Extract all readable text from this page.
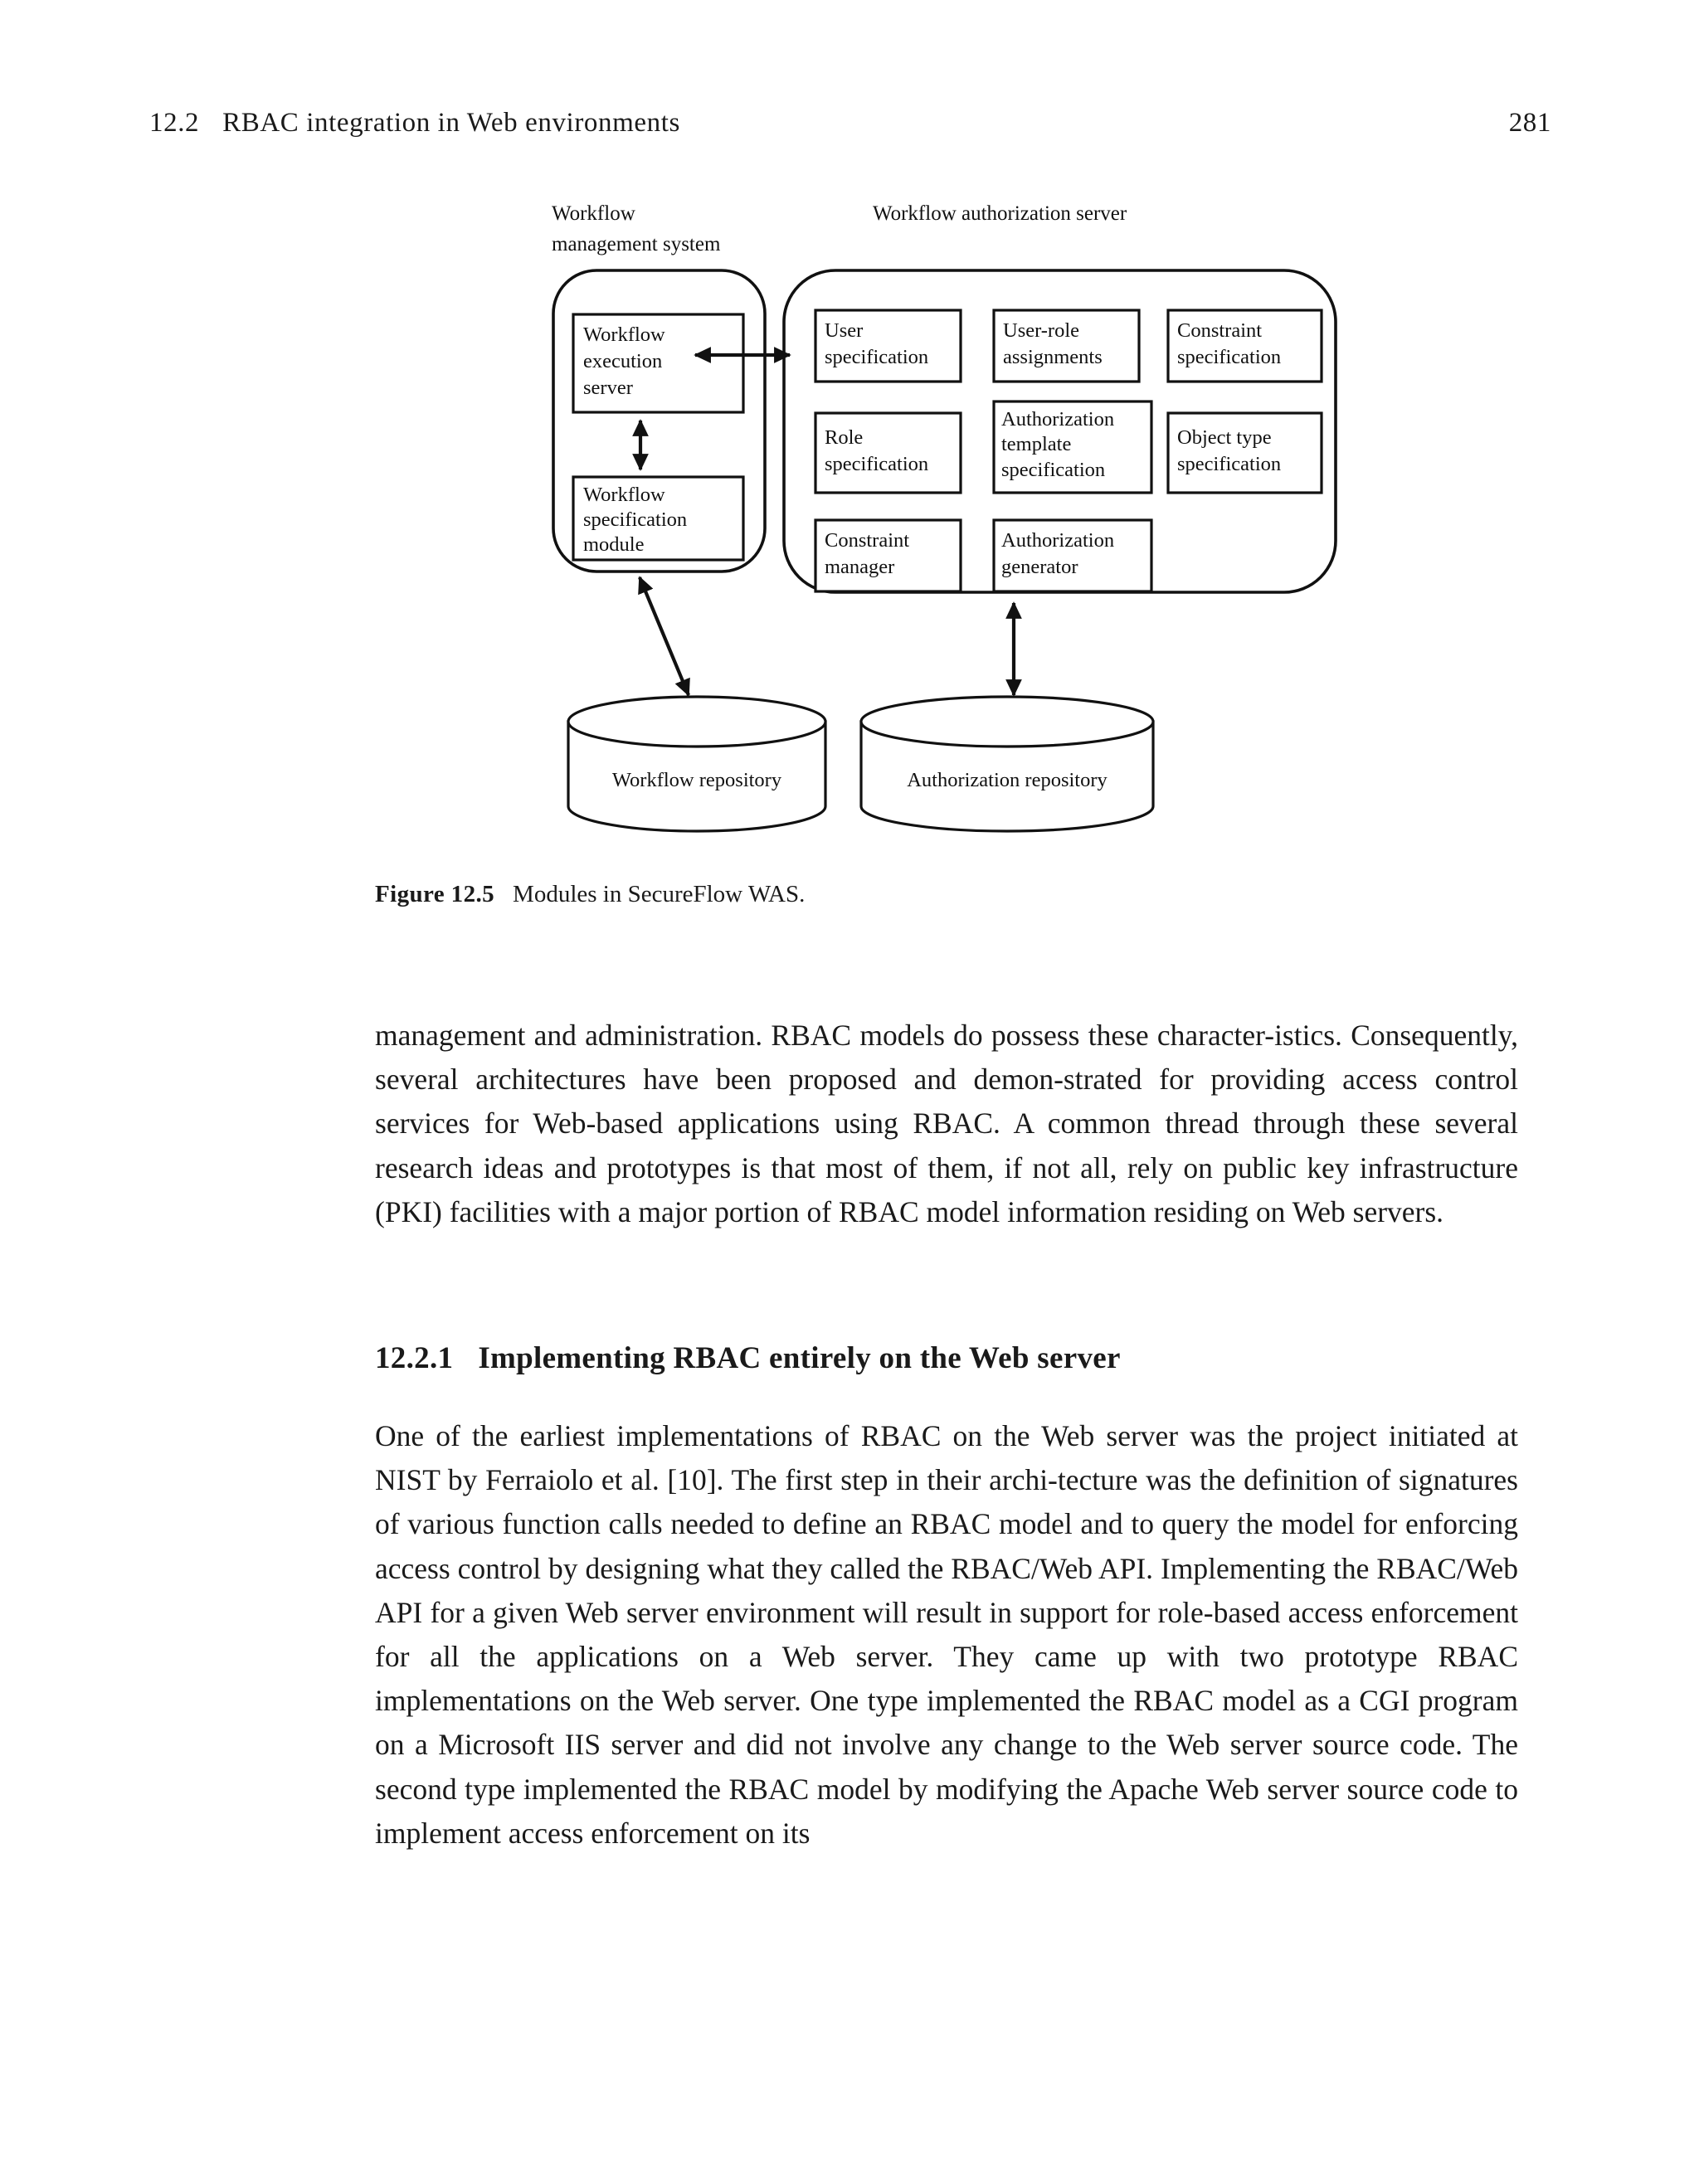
12.2 RBAC integration in Web environments	281
Workflow
management system
Workflow authorization server
Workflow
execution
server
Workflow
specification
module
User
specification
User-role
assignments
Constraint
specification
Role
specification
Authorization
template
specification
Object type
specification
Constraint
manager
Authorization
generator
Workflow repository	Authorization repository
Figure 12.5 Modules in SecureFlow WAS.

management and administration. RBAC models do possess these character-istics. Consequently, several architectures have been proposed and demon-strated for providing access control services for Web-based applications using RBAC. A common thread through these several research ideas and prototypes is that most of them, if not all, rely on public key infrastructure (PKI) facilities with a major portion of RBAC model information residing on Web servers.

12.2.1 Implementing RBAC entirely on the Web server

One of the earliest implementations of RBAC on the Web server was the project initiated at NIST by Ferraiolo et al. [10]. The first step in their archi-tecture was the definition of signatures of various function calls needed to define an RBAC model and to query the model for enforcing access control by designing what they called the RBAC/Web API. Implementing the RBAC/Web API for a given Web server environment will result in support for role-based access enforcement for all the applications on a Web server. They came up with two prototype RBAC implementations on the Web server. One type implemented the RBAC model as a CGI program on a Microsoft IIS server and did not involve any change to the Web server source code. The second type implemented the RBAC model by modifying the Apache Web server source code to implement access enforcement on its
